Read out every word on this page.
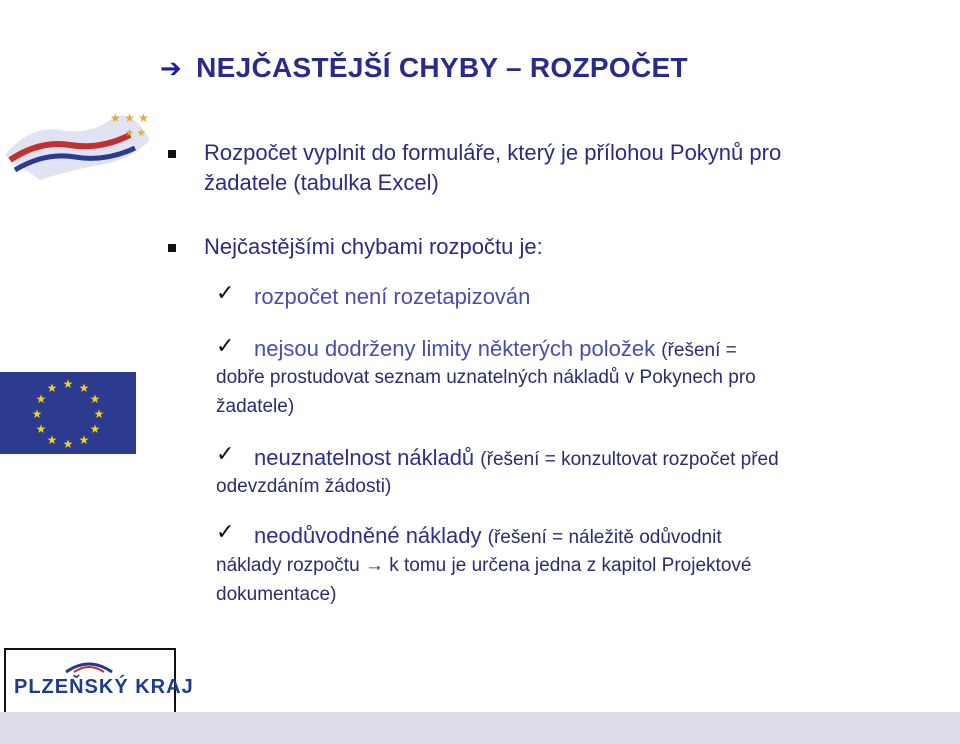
★ ★ ★
★ ★
➔ NEJČASTĚJŠÍ CHYBY – ROZPOČET
Rozpočet vyplnit do formuláře, který je přílohou Pokynů pro
žadatele (tabulka Excel)
Nejčastějšími chybami rozpočtu je:
✓ rozpočet není rozetapizován
✓ nejsou dodrženy limity některých položek (řešení =
dobře prostudovat seznam uznatelných nákladů v Pokynech pro
žadatele)
✓ neuznatelnost nákladů (řešení = konzultovat rozpočet před
odevzdáním žádosti)
✓ neodůvodněné náklady (řešení = náležitě odůvodnit
náklady rozpočtu → k tomu je určena jedna z kapitol Projektové
dokumentace)
★ ★
★
★
★
★
★
★
★
★
★
★
PLZEŇSKÝ KRAJ
